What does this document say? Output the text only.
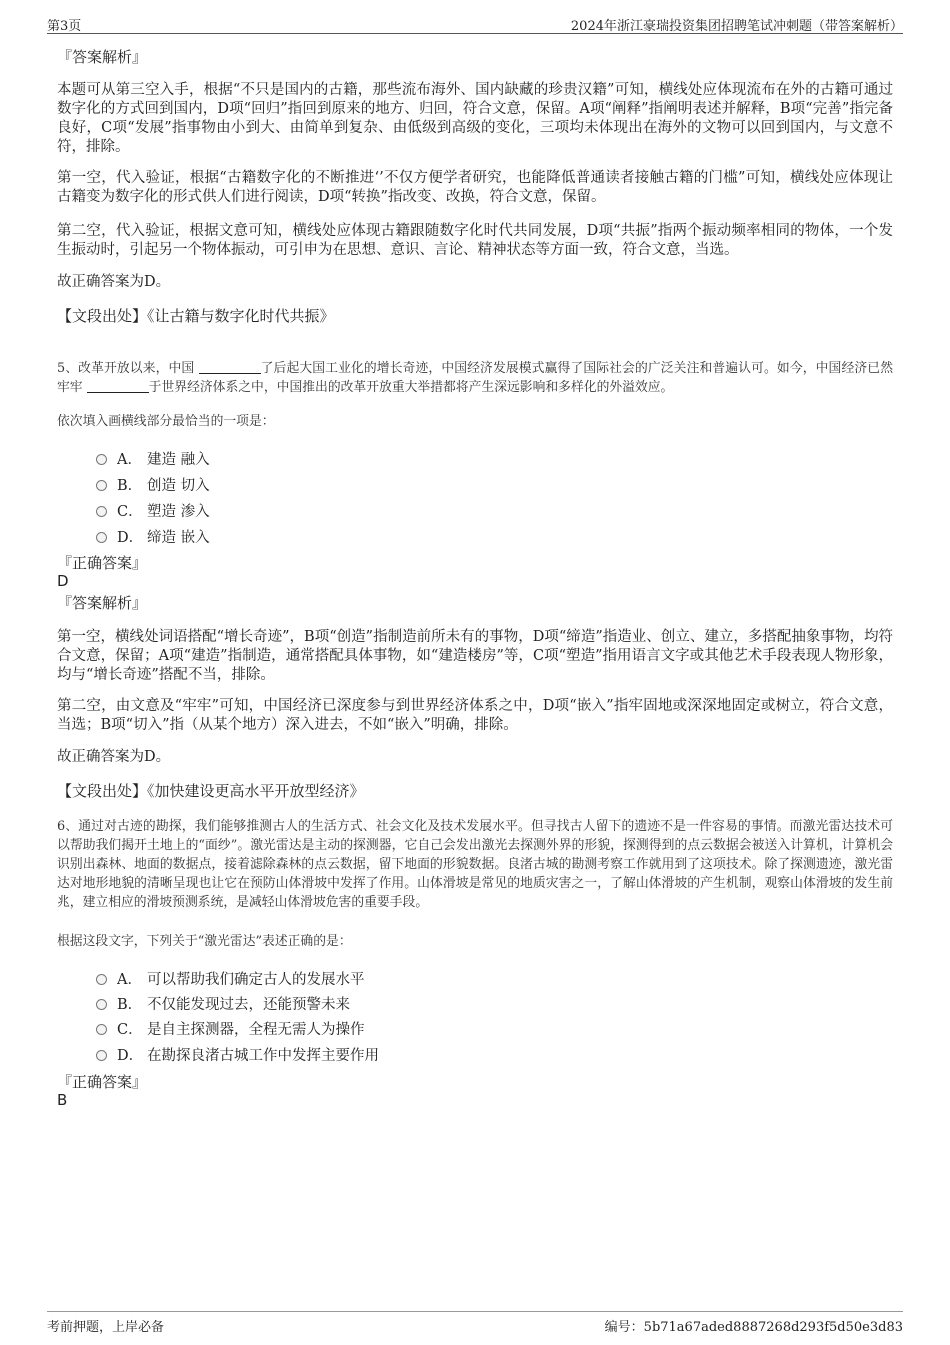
第3页	2024年浙江豪瑞投资集团招聘笔试冲刺题（带答案解析）
『答案解析』

本题可从第三空入手，根据“不只是国内的古籍，那些流布海外、国内缺藏的珍贵汉籍”可知，横线处应体现流布在外的古籍可通过数字化的方式回到国内，D项“回归”指回到原来的地方、归回，符合文意，保留。A项“阐释”指阐明表述并解释，B项“完善”指完备良好，C项“发展”指事物由小到大、由简单到复杂、由低级到高级的变化，三项均未体现出在海外的文物可以回到国内，与文意不符，排除。

第一空，代入验证，根据“古籍数字化的不断推进‘’不仅方便学者研究，也能降低普通读者接触古籍的门槛”可知，横线处应体现让古籍变为数字化的形式供人们进行阅读，D项“转换”指改变、改换，符合文意，保留。

第二空，代入验证，根据文意可知，横线处应体现古籍跟随数字化时代共同发展，D项“共振”指两个振动频率相同的物体，一个发生振动时，引起另一个物体振动，可引申为在思想、意识、言论、精神状态等方面一致，符合文意，当选。

故正确答案为D。

【文段出处】《让古籍与数字化时代共振》

5、改革开放以来，中国	了后起大国工业化的增长奇迹，中国经济发展模式赢得了国际社会的广泛关注和普遍认可。如今，中国经济已然牢牢	于世界经济体系之中，中国推出的改革开放重大举措都将产生深远影响和多样化的外溢效应。

依次填入画横线部分最恰当的一项是：

A． 建造 融入
B． 创造 切入
C． 塑造 渗入
D． 缔造 嵌入
『正确答案』
D
『答案解析』

第一空，横线处词语搭配“增长奇迹”，B项“创造”指制造前所未有的事物，D项“缔造”指造业、创立、建立，多搭配抽象事物，均符合文意，保留；A项“建造”指制造，通常搭配具体事物，如“建造楼房”等，C项“塑造”指用语言文字或其他艺术手段表现人物形象，均与“增长奇迹”搭配不当，排除。

第二空，由文意及“牢牢”可知，中国经济已深度参与到世界经济体系之中，D项“嵌入”指牢固地或深深地固定或树立，符合文意，当选；B项“切入”指（从某个地方）深入进去，不如“嵌入”明确，排除。

故正确答案为D。

【文段出处】《加快建设更高水平开放型经济》

6、通过对古迹的勘探，我们能够推测古人的生活方式、社会文化及技术发展水平。但寻找古人留下的遗迹不是一件容易的事情。而激光雷达技术可以帮助我们揭开土地上的“面纱”。激光雷达是主动的探测器，它自己会发出激光去探测外界的形貌，探测得到的点云数据会被送入计算机，计算机会识别出森林、地面的数据点，接着滤除森林的点云数据，留下地面的形貌数据。良渚古城的勘测考察工作就用到了这项技术。除了探测遗迹，激光雷达对地形地貌的清晰呈现也让它在预防山体滑坡中发挥了作用。山体滑坡是常见的地质灾害之一，了解山体滑坡的产生机制，观察山体滑坡的发生前兆，建立相应的滑坡预测系统，是减轻山体滑坡危害的重要手段。

根据这段文字，下列关于“激光雷达”表述正确的是：

A． 可以帮助我们确定古人的发展水平
B． 不仅能发现过去，还能预警未来
C． 是自主探测器，全程无需人为操作
D． 在勘探良渚古城工作中发挥主要作用
『正确答案』
B
考前押题，上岸必备	编号：5b71a67aded8887268d293f5d50e3d83
